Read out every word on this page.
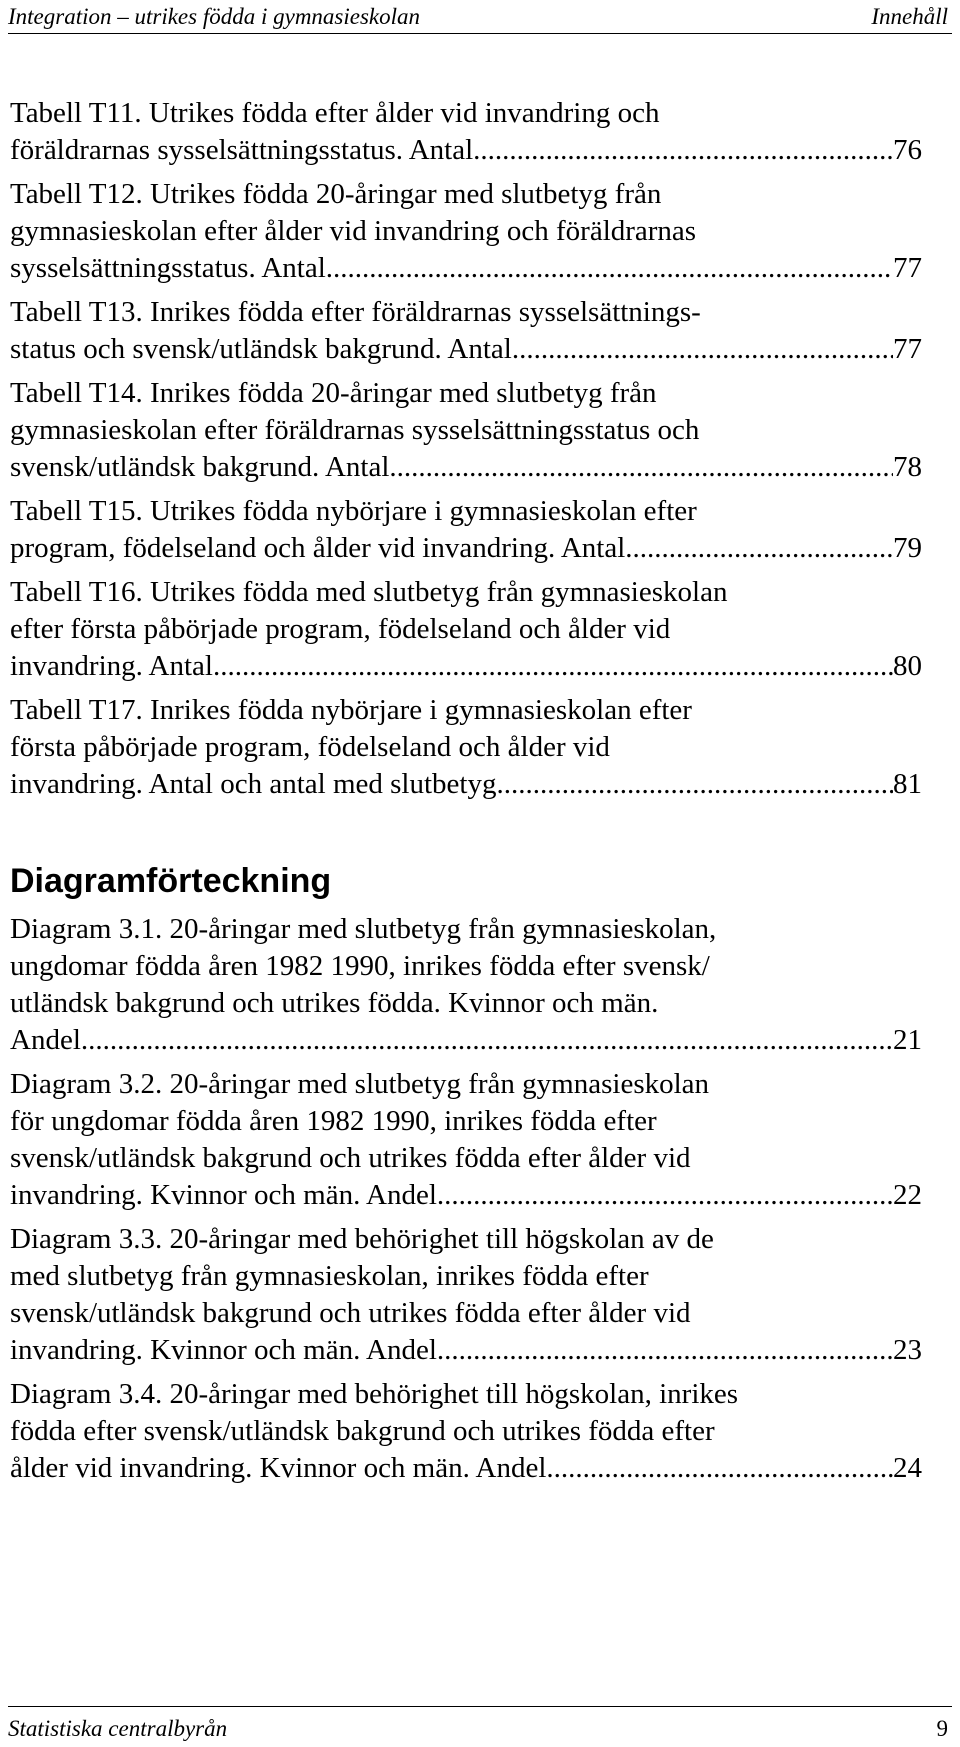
Integration – utrikes födda i gymnasieskolan	Innehåll
Tabell T11. Utrikes födda efter ålder vid invandring och
föräldrarnas sysselsättningsstatus. Antal .....	76
Tabell T12. Utrikes födda 20-åringar med slutbetyg från
gymnasieskolan efter ålder vid invandring och föräldrarnas
sysselsättningsstatus. Antal .....	77
Tabell T13. Inrikes födda efter föräldrarnas sysselsättnings-
status och svensk/utländsk bakgrund. Antal .....	77
Tabell T14. Inrikes födda 20-åringar med slutbetyg från
gymnasieskolan efter föräldrarnas sysselsättningsstatus och
svensk/utländsk bakgrund. Antal .....	78
Tabell T15. Utrikes födda nybörjare i gymnasieskolan efter
program, födelseland och ålder vid invandring. Antal .....	79
Tabell T16. Utrikes födda med slutbetyg från gymnasieskolan
efter första påbörjade program, födelseland och ålder vid
invandring. Antal .....	80
Tabell T17. Inrikes födda nybörjare i gymnasieskolan efter
första påbörjade program, födelseland och ålder vid
invandring. Antal och antal med slutbetyg .....	81
Diagramförteckning
Diagram 3.1. 20-åringar med slutbetyg från gymnasieskolan,
ungdomar födda åren 1982 1990, inrikes födda efter svensk/
utländsk bakgrund och utrikes födda. Kvinnor och män.
Andel .....	21
Diagram 3.2. 20-åringar med slutbetyg från gymnasieskolan
för ungdomar födda åren 1982 1990, inrikes födda efter
svensk/utländsk bakgrund och utrikes födda efter ålder vid
invandring. Kvinnor och män. Andel .....	22
Diagram 3.3. 20-åringar med behörighet till högskolan av de
med slutbetyg från gymnasieskolan, inrikes födda efter
svensk/utländsk bakgrund och utrikes födda efter ålder vid
invandring. Kvinnor och män. Andel .....	23
Diagram 3.4. 20-åringar med behörighet till högskolan, inrikes
födda efter svensk/utländsk bakgrund och utrikes födda efter
ålder vid invandring. Kvinnor och män. Andel .....	24
Statistiska centralbyrån	9
